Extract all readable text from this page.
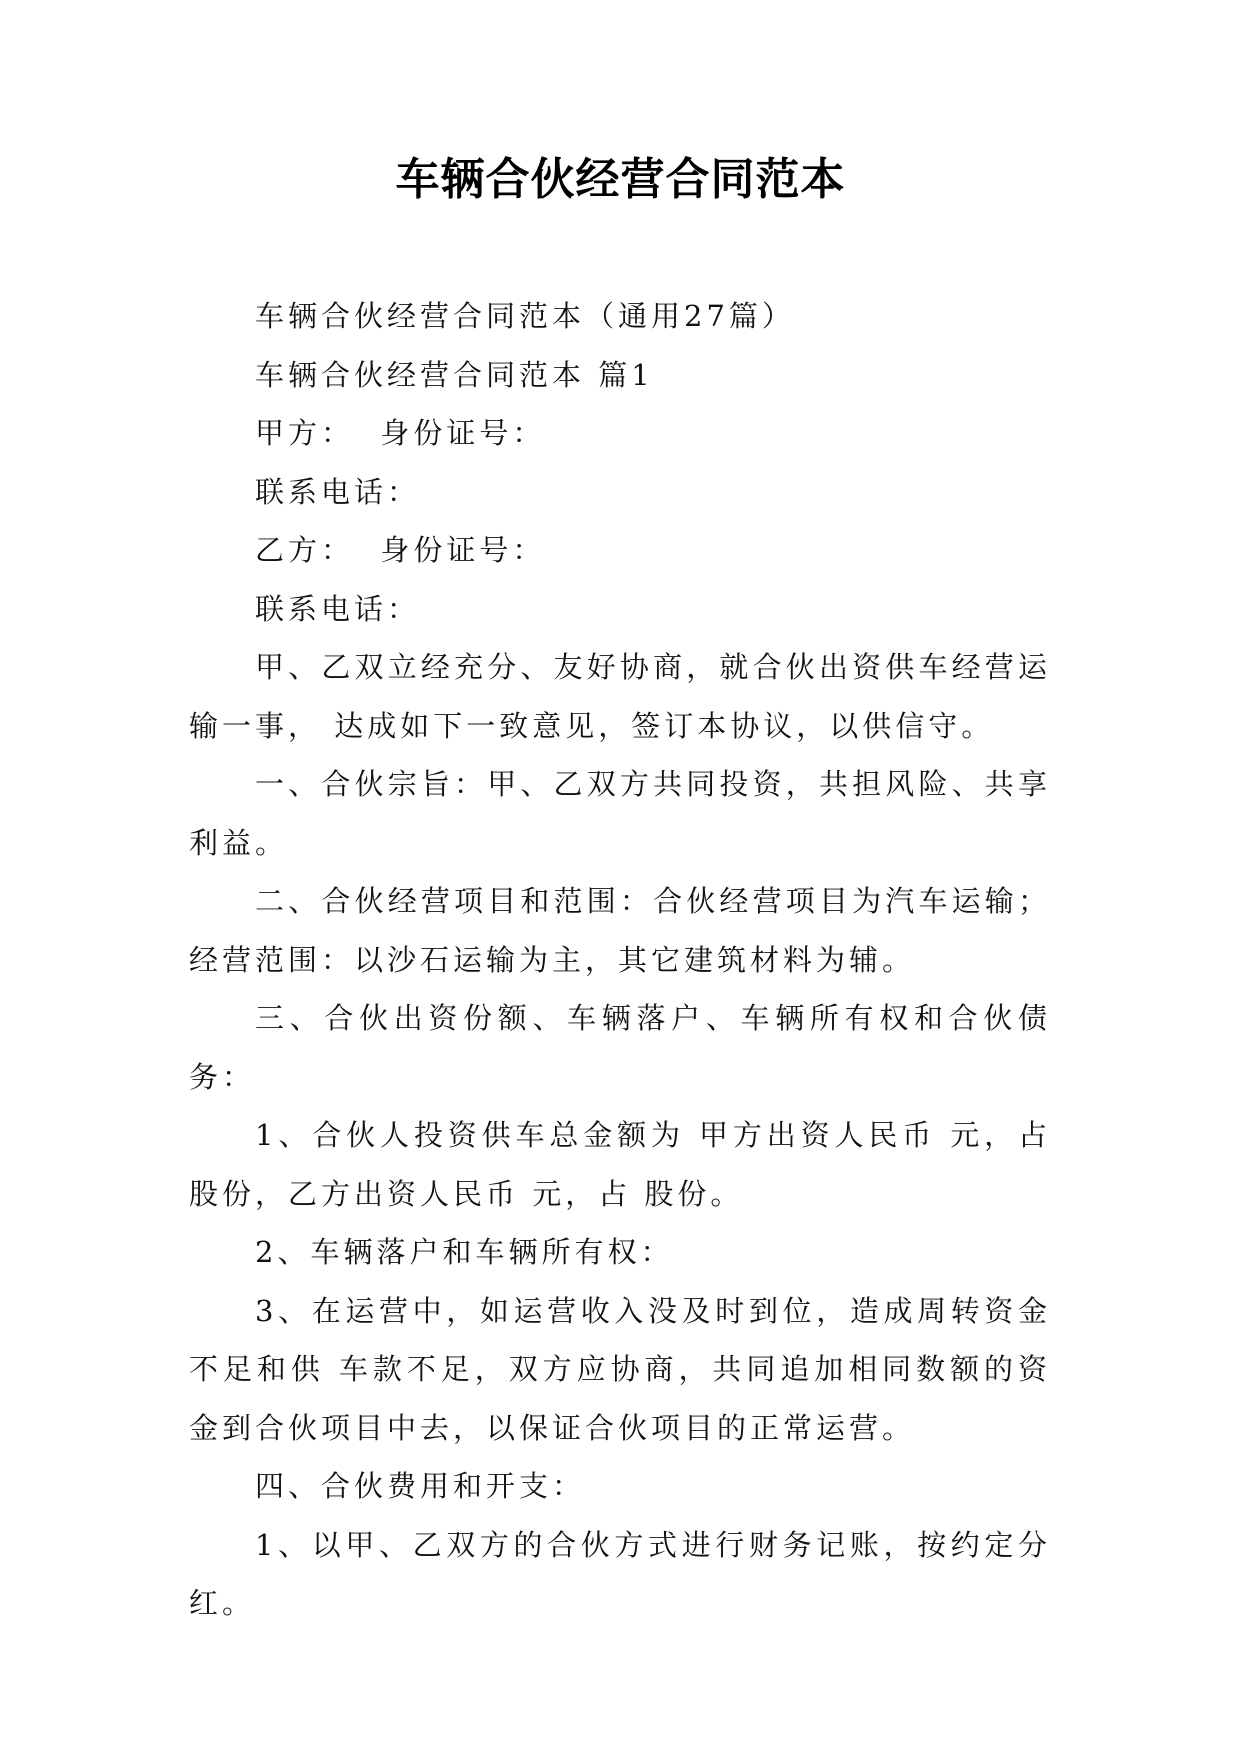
车辆合伙经营合同范本

车辆合伙经营合同范本（通用27篇）

车辆合伙经营合同范本 篇1

甲方：  身份证号：

联系电话：

乙方：  身份证号：

联系电话：

甲、乙双立经充分、友好协商，就合伙出资供车经营运输一事， 达成如下一致意见，签订本协议，以供信守。

一、合伙宗旨：甲、乙双方共同投资，共担风险、共享利益。

二、合伙经营项目和范围：合伙经营项目为汽车运输；经营范围：以沙石运输为主，其它建筑材料为辅。

三、合伙出资份额、车辆落户、车辆所有权和合伙债务：

1、合伙人投资供车总金额为 甲方出资人民币 元，占 股份，乙方出资人民币 元，占 股份。

2、车辆落户和车辆所有权：

3、在运营中，如运营收入没及时到位，造成周转资金不足和供 车款不足，双方应协商，共同追加相同数额的资金到合伙项目中去，以保证合伙项目的正常运营。

四、合伙费用和开支：

1、以甲、乙双方的合伙方式进行财务记账，按约定分红。
